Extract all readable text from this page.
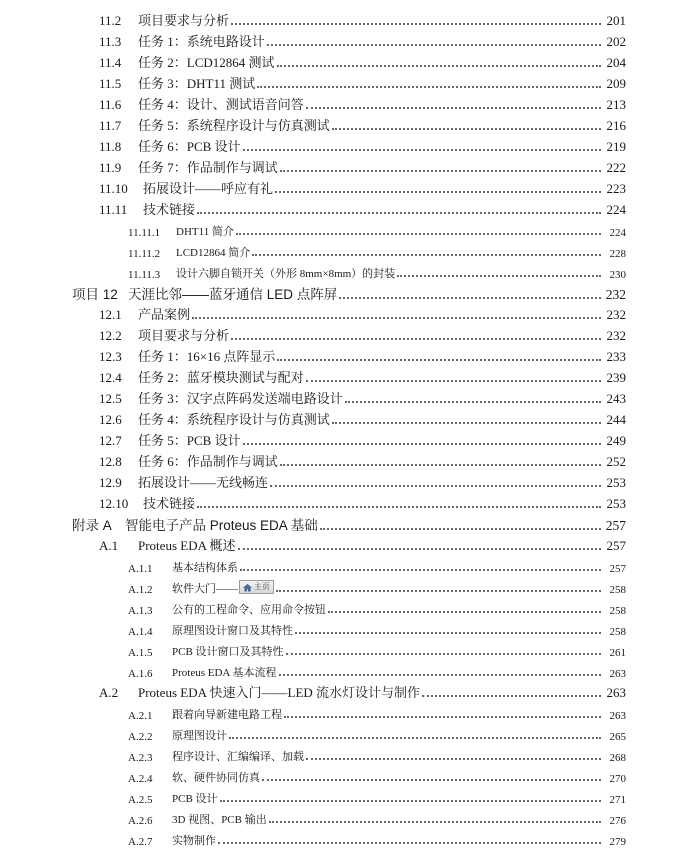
11.2	项目要求与分析	201
11.3	任务 1：系统电路设计	202
11.4	任务 2：LCD12864 测试	204
11.5	任务 3：DHT11 测试	209
11.6	任务 4：设计、测试语音问答	213
11.7	任务 5：系统程序设计与仿真测试	216
11.8	任务 6：PCB 设计	219
11.9	任务 7：作品制作与调试	222
11.10	拓展设计——呼应有礼	223
11.11	技术链接	224
11.11.1	DHT11 简介	224
11.11.2	LCD12864 简介	228
11.11.3	设计六脚自锁开关（外形 8mm×8mm）的封装	230
项目 12 天涯比邻——蓝牙通信 LED 点阵屏	232
12.1	产品案例	232
12.2	项目要求与分析	232
12.3	任务 1：16×16 点阵显示	233
12.4	任务 2：蓝牙模块测试与配对	239
12.5	任务 3：汉字点阵码发送端电路设计	243
12.6	任务 4：系统程序设计与仿真测试	244
12.7	任务 5：PCB 设计	249
12.8	任务 6：作品制作与调试	252
12.9	拓展设计——无线畅连	253
12.10	技术链接	253
附录 A 智能电子产品 Proteus EDA 基础	257
A.1	Proteus EDA 概述	257
A.1.1	基本结构体系	257
A.1.2	软件大门—— 主页	258
A.1.3	公有的工程命令、应用命令按钮	258
A.1.4	原理图设计窗口及其特性	258
A.1.5	PCB 设计窗口及其特性	261
A.1.6	Proteus EDA 基本流程	263
A.2	Proteus EDA 快速入门——LED 流水灯设计与制作	263
A.2.1	跟着向导新建电路工程	263
A.2.2	原理图设计	265
A.2.3	程序设计、汇编编译、加载	268
A.2.4	软、硬件协同仿真	270
A.2.5	PCB 设计	271
A.2.6	3D 视图、PCB 输出	276
A.2.7	实物制作	279
